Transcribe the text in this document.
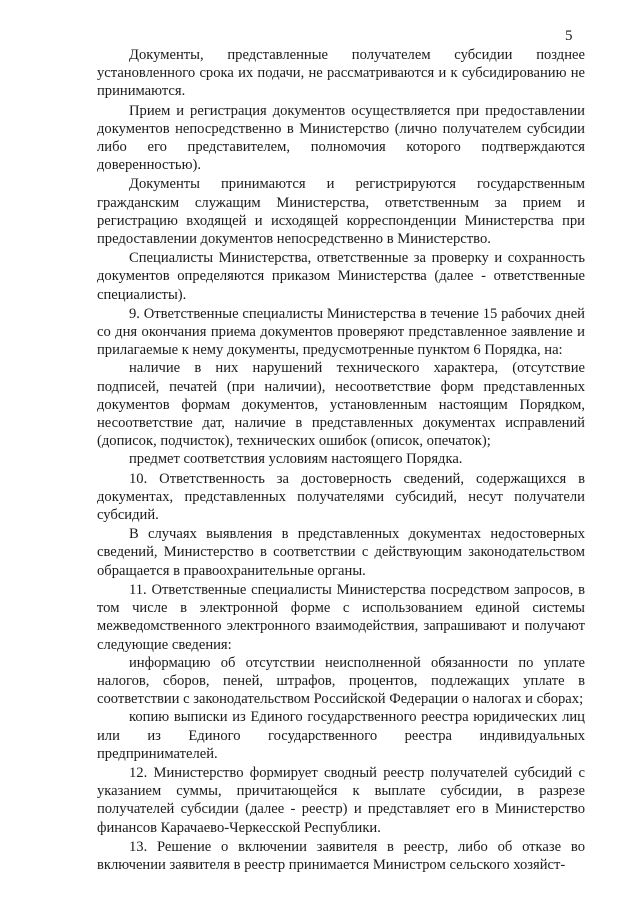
5

Документы, представленные получателем субсидии позднее установленного срока их подачи, не рассматриваются и к субсидированию не принимаются.

Прием и регистрация документов осуществляется при предоставлении документов непосредственно в Министерство (лично получателем субсидии либо его представителем, полномочия которого подтверждаются доверенностью).

Документы принимаются и регистрируются государственным гражданским служащим Министерства, ответственным за прием и регистрацию входящей и исходящей корреспонденции Министерства при предоставлении документов непосредственно в Министерство.

Специалисты Министерства, ответственные за проверку и сохранность документов определяются приказом Министерства (далее - ответственные специалисты).

9. Ответственные специалисты Министерства в течение 15 рабочих дней со дня окончания приема документов проверяют представленное заявление и прилагаемые к нему документы, предусмотренные пунктом 6 Порядка, на:

наличие в них нарушений технического характера, (отсутствие подписей, печатей (при наличии), несоответствие форм представленных документов формам документов, установленным настоящим Порядком, несоответствие дат, наличие в представленных документах исправлений (дописок, подчисток), технических ошибок (описок, опечаток);

предмет соответствия условиям настоящего Порядка.

10. Ответственность за достоверность сведений, содержащихся в документах, представленных получателями субсидий, несут получатели субсидий.

В случаях выявления в представленных документах недостоверных сведений, Министерство в соответствии с действующим законодательством обращается в правоохранительные органы.

11. Ответственные специалисты Министерства посредством запросов, в том числе в электронной форме с использованием единой системы межведомственного электронного взаимодействия, запрашивают и получают следующие сведения:

информацию об отсутствии неисполненной обязанности по уплате налогов, сборов, пеней, штрафов, процентов, подлежащих уплате в соответствии с законодательством Российской Федерации о налогах и сборах;

копию выписки из Единого государственного реестра юридических лиц или из Единого государственного реестра индивидуальных предпринимателей.

12. Министерство формирует сводный реестр получателей субсидий с указанием суммы, причитающейся к выплате субсидии, в разрезе получателей субсидии (далее - реестр) и представляет его в Министерство финансов Карачаево-Черкесской Республики.

13. Решение о включении заявителя в реестр, либо об отказе во включении заявителя в реестр принимается Министром сельского хозяйст-
